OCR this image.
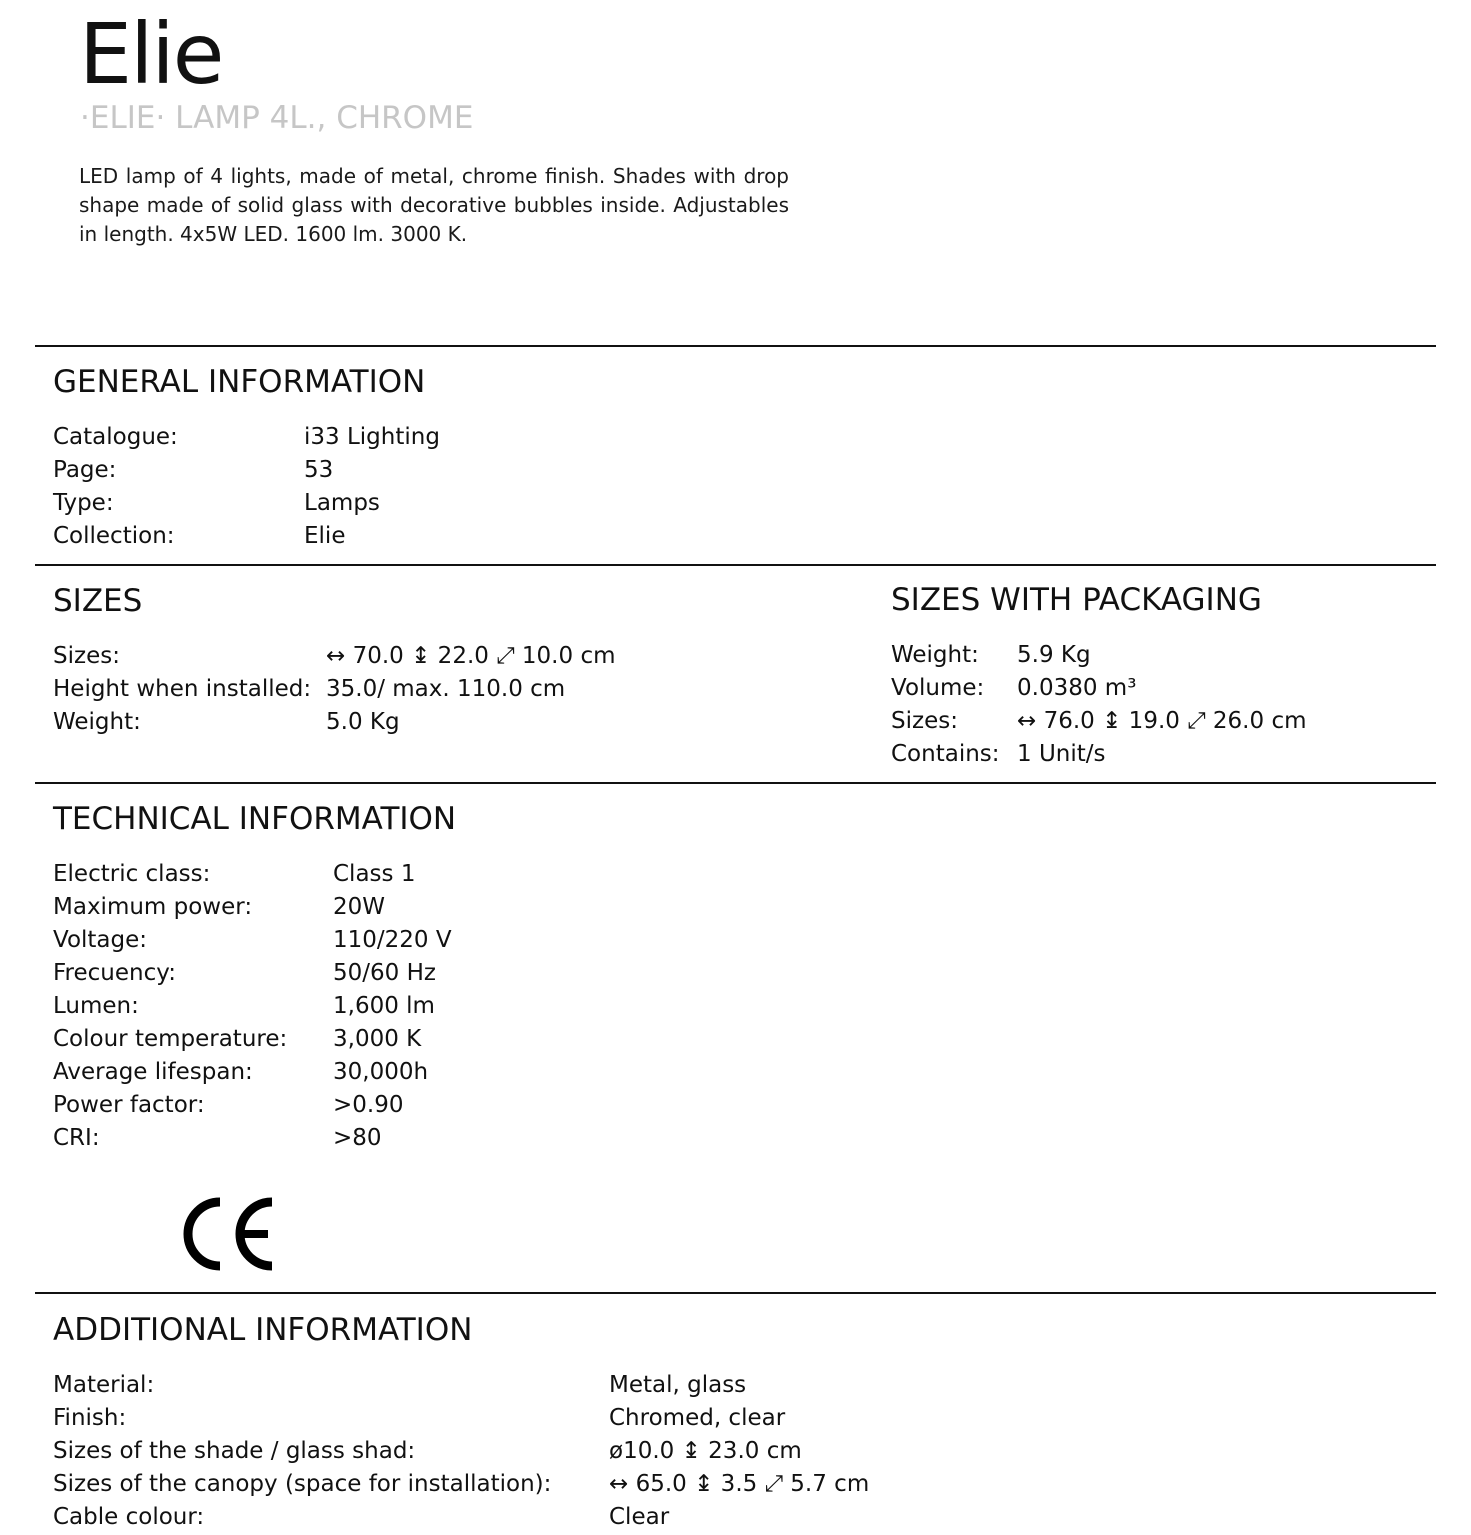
Elie
·ELIE· LAMP 4L., CHROME

LED lamp of 4 lights, made of metal, chrome finish. Shades with drop shape made of solid glass with decorative bubbles inside. Adjustables in length. 4x5W LED. 1600 lm. 3000 K.

GENERAL INFORMATION
Catalogue:	i33 Lighting
Page:	53
Type:	Lamps
Collection:	Elie
SIZES
Sizes:	↔ 70.0 ↨ 22.0 ⤢ 10.0 cm
Height when installed: 35.0/ max. 110.0 cm
Weight:	5.0 Kg
SIZES WITH PACKAGING
Weight: 5.9 Kg
Volume: 0.0380 m³
Sizes:	↔ 76.0 ↨ 19.0 ⤢ 26.0 cm
Contains: 1 Unit/s
TECHNICAL INFORMATION
Electric class:	Class 1
Maximum power:	20W
Voltage:	110/220 V
Frecuency:	50/60 Hz
Lumen:	1,600 lm
Colour temperature: 3,000 K
Average lifespan:	30,000h
Power factor:	>0.90
CRI:	>80
ADDITIONAL INFORMATION
Material:	Metal, glass
Finish:	Chromed, clear
Sizes of the shade / glass shad:	ø10.0 ↨ 23.0 cm
Sizes of the canopy (space for installation):	↔ 65.0 ↨ 3.5 ⤢ 5.7 cm
Cable colour:	Clear
